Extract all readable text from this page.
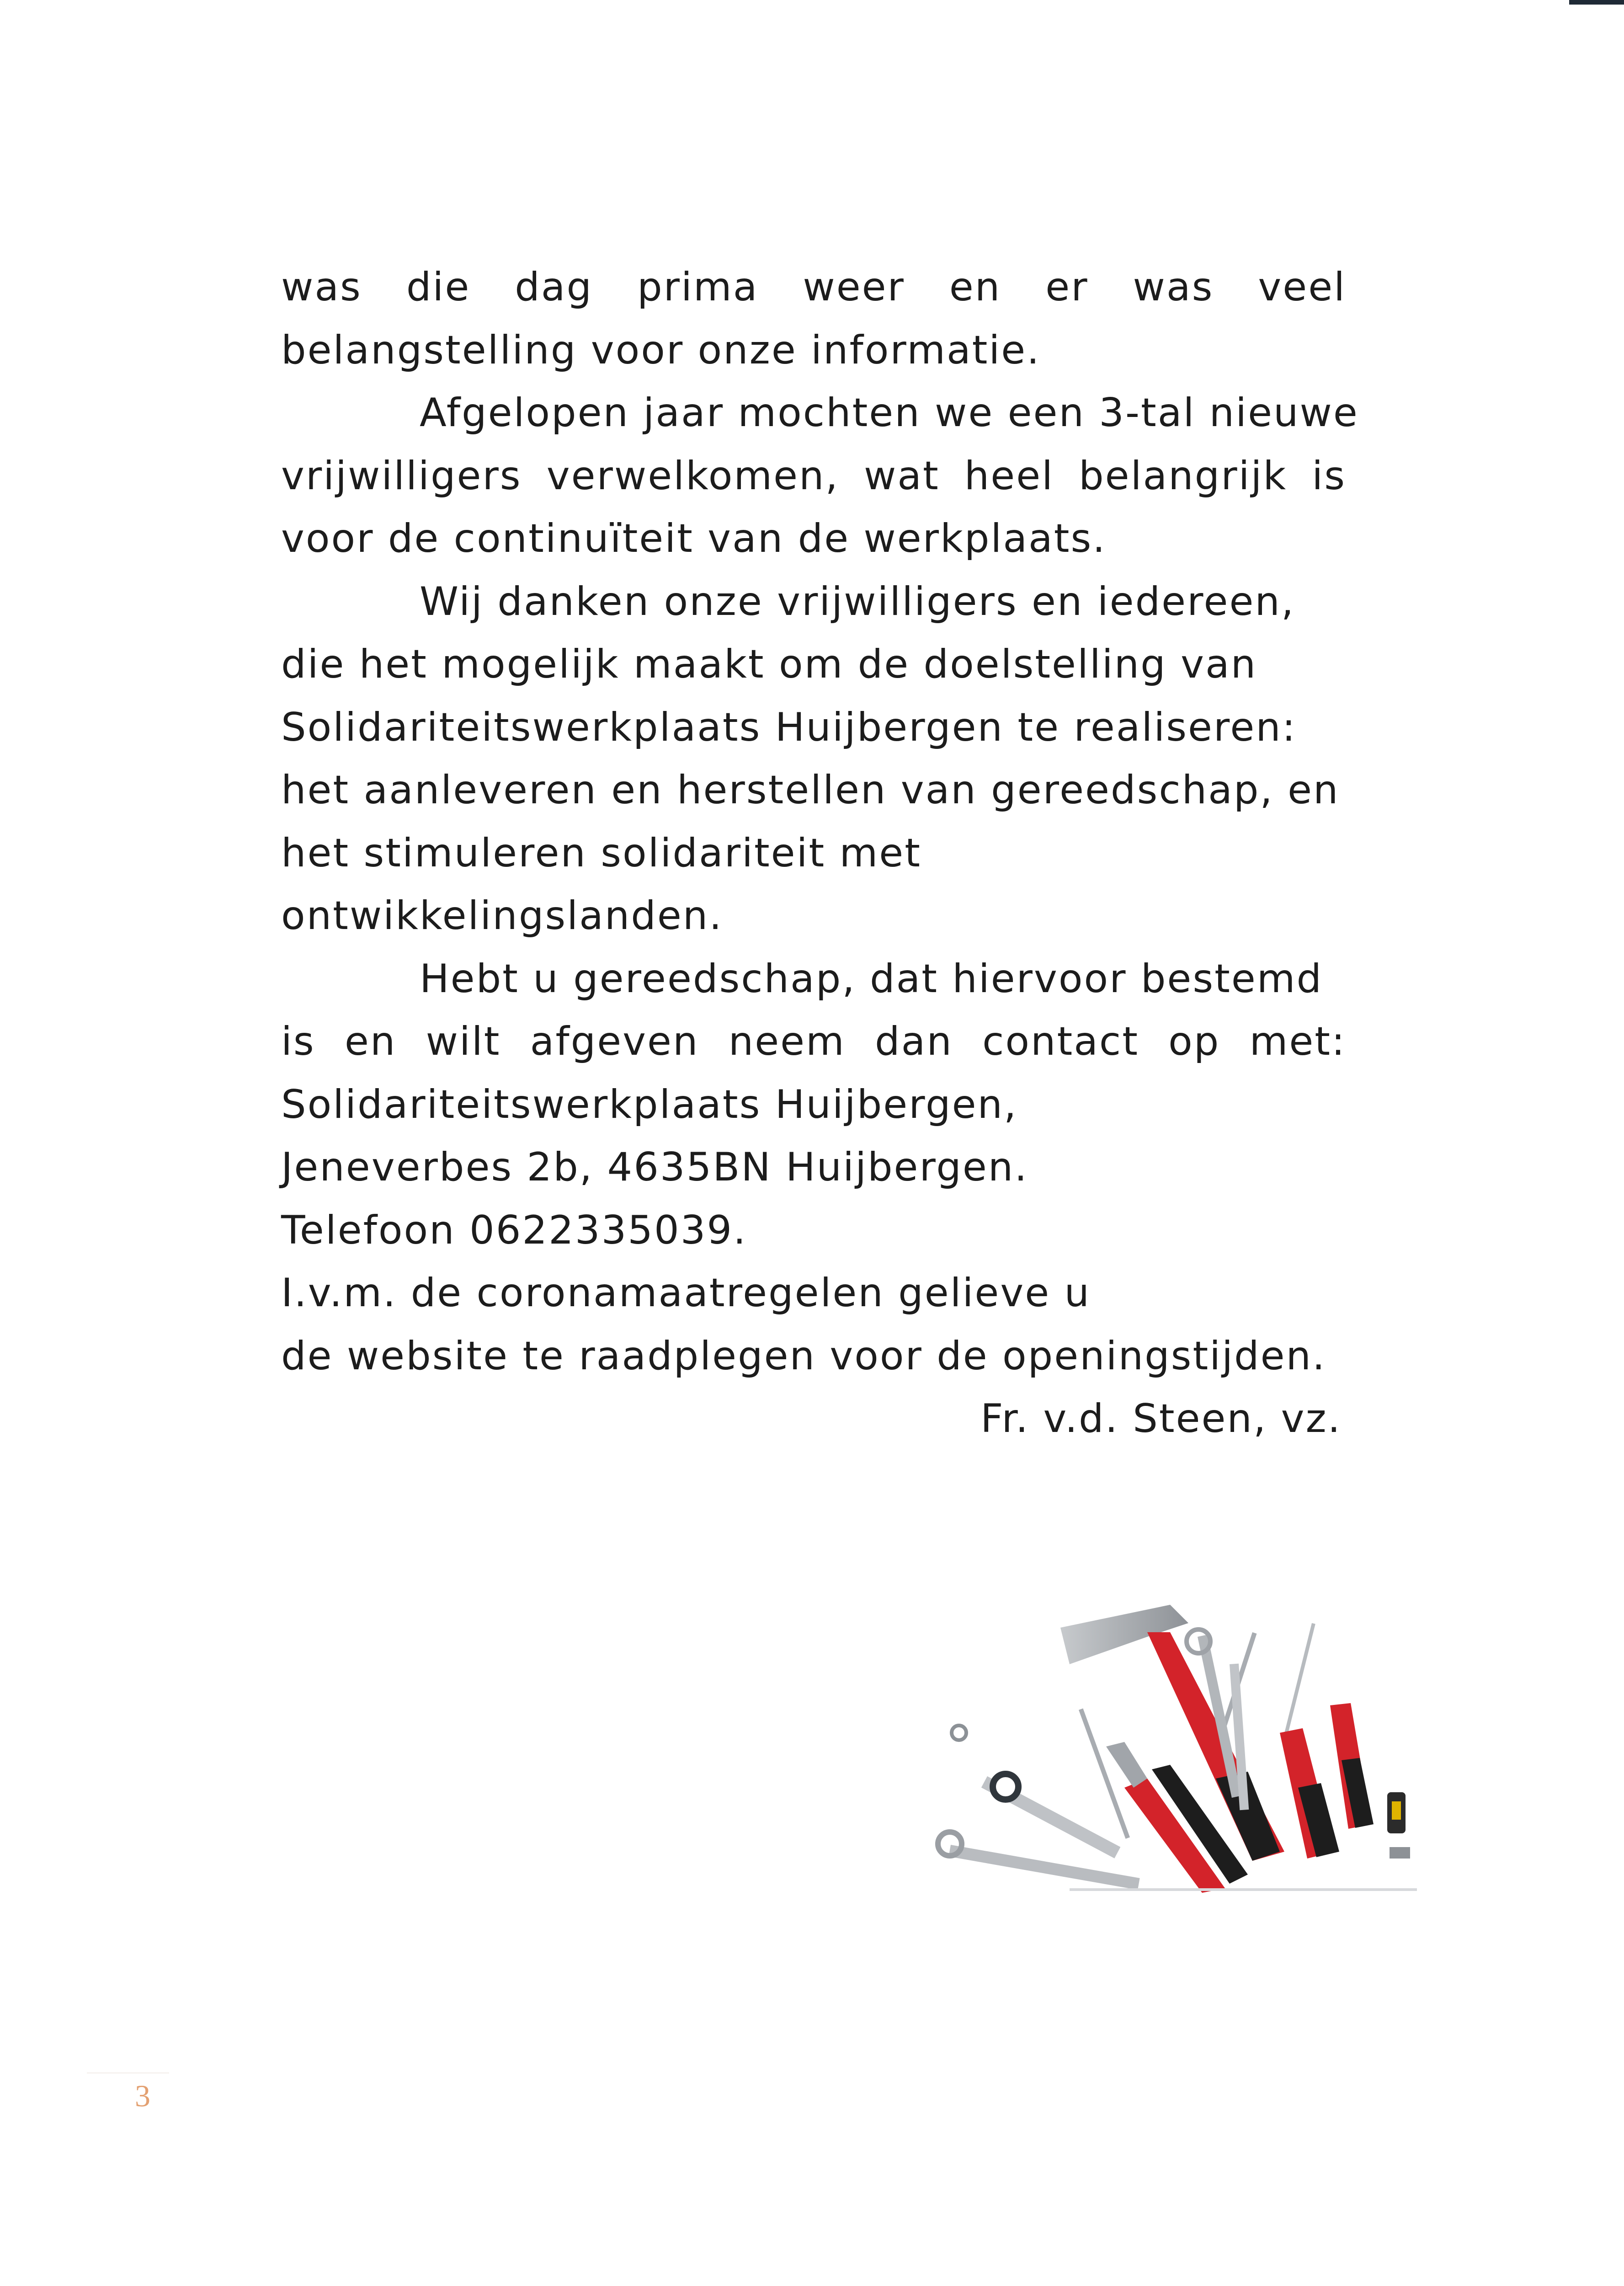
was die dag prima weer en er was veel
belangstelling voor onze informatie.
Afgelopen jaar mochten we een 3-tal nieuwe
vrijwilligers verwelkomen, wat heel belangrijk is
voor de continuïteit van de werkplaats.
Wij danken onze vrijwilligers en iedereen,
die het mogelijk maakt om de doelstelling van
Solidariteitswerkplaats Huijbergen te realiseren:
het aanleveren en herstellen van gereedschap, en
het stimuleren solidariteit met
ontwikkelingslanden.
Hebt u gereedschap, dat hiervoor bestemd
is en wilt afgeven neem dan contact op met:
Solidariteitswerkplaats Huijbergen,
Jeneverbes 2b, 4635BN Huijbergen.
Telefoon 0622335039.
I.v.m. de coronamaatregelen gelieve u
de website te raadplegen voor de openingstijden.
Fr. v.d. Steen, vz.
3
